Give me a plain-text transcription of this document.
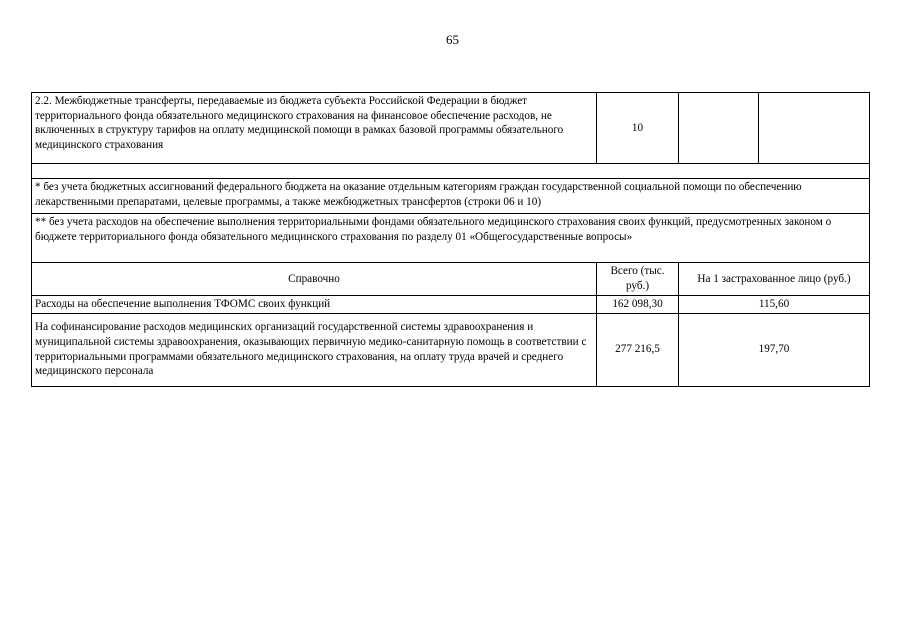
65
2.2. Межбюджетные трансферты, передаваемые из бюджета субъекта Российской Федерации в бюджет территориального фонда обязательного медицинского страхования на финансовое обеспечение расходов, не включенных в структуру тарифов на оплату медицинской помощи в рамках базовой программы обязательного медицинского страхования	10		

* без учета бюджетных ассигнований федерального бюджета на оказание отдельным категориям граждан государственной социальной помощи по обеспечению лекарственными препаратами, целевые программы, а также межбюджетных трансфертов (строки 06 и 10)			
** без учета расходов на обеспечение выполнения территориальными фондами обязательного медицинского страхования своих функций, предусмотренных законом о бюджете территориального фонда обязательного медицинского страхования по разделу 01 «Общегосударственные вопросы»			
Справочно	Всего (тыс. руб.)	На 1 застрахованное лицо (руб.)	
Расходы на обеспечение выполнения ТФОМС своих функций	162 098,30	115,60	
На софинансирование расходов медицинских организаций государственной системы здравоохранения и муниципальной системы здравоохранения, оказывающих первичную медико-санитарную помощь в соответствии с территориальными программами обязательного медицинского страхования, на оплату труда врачей и среднего медицинского персонала	277 216,5	197,70	
